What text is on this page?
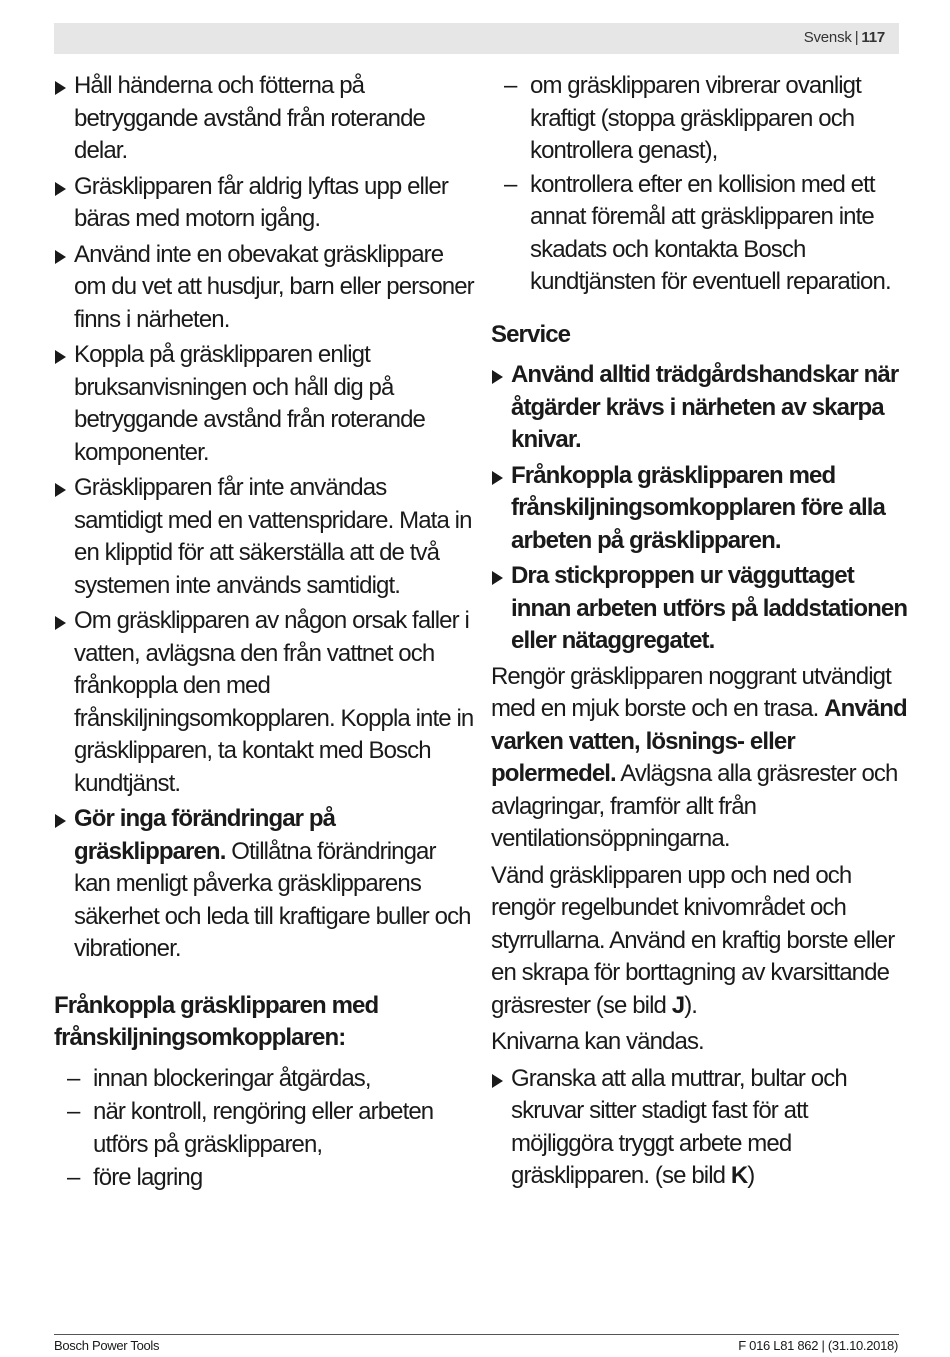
Svensk | 117
Håll händerna och fötterna på betryggande avstånd från roterande delar.
Gräsklipparen får aldrig lyftas upp eller bäras med motorn igång.
Använd inte en obevakat gräsklippare om du vet att husdjur, barn eller personer finns i närheten.
Koppla på gräsklipparen enligt bruksanvisningen och håll dig på betryggande avstånd från roterande komponenter.
Gräsklipparen får inte användas samtidigt med en vattenspridare. Mata in en klipptid för att säkerställa att de två systemen inte används samtidigt.
Om gräsklipparen av någon orsak faller i vatten, avlägsna den från vattnet och frånkoppla den med frånskiljningsomkopplaren. Koppla inte in gräsklipparen, ta kontakt med Bosch kundtjänst.
Gör inga förändringar på gräsklipparen. Otillåtna förändringar kan menligt påverka gräsklipparens säkerhet och leda till kraftigare buller och vibrationer.
Frånkoppla gräsklipparen med frånskiljningsomkopplaren:
– innan blockeringar åtgärdas,
– när kontroll, rengöring eller arbeten utförs på gräsklipparen,
– före lagring
– om gräsklipparen vibrerar ovanligt kraftigt (stoppa gräsklipparen och kontrollera genast),
– kontrollera efter en kollision med ett annat föremål att gräsklipparen inte skadats och kontakta Bosch kundtjänsten för eventuell reparation.
Service
Använd alltid trädgårdshandskar när åtgärder krävs i närheten av skarpa knivar.
Frånkoppla gräsklipparen med frånskiljningsomkopplaren före alla arbeten på gräsklipparen.
Dra stickproppen ur vägguttaget innan arbeten utförs på laddstationen eller nätaggregatet.
Rengör gräsklipparen noggrant utvändigt med en mjuk borste och en trasa. Använd varken vatten, lösnings- eller polermedel. Avlägsna alla gräsrester och avlagringar, framför allt från ventilationsöppningarna.
Vänd gräsklipparen upp och ned och rengör regelbundet knivområdet och styrrullarna. Använd en kraftig borste eller en skrapa för borttagning av kvarsittande gräsrester (se bild J).
Knivarna kan vändas.
Granska att alla muttrar, bultar och skruvar sitter stadigt fast för att möjliggöra tryggt arbete med gräsklipparen. (se bild K)
Bosch Power Tools	F 016 L81 862 | (31.10.2018)
